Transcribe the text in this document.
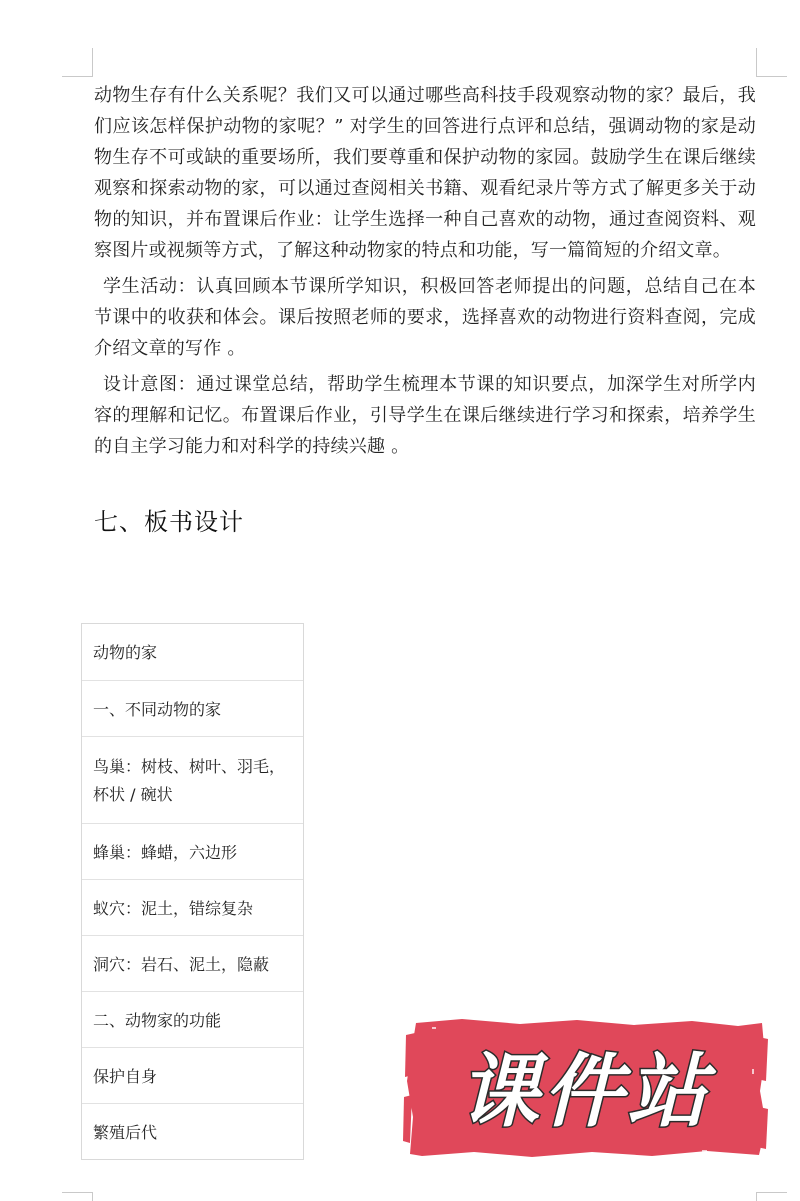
动物生存有什么关系呢？我们又可以通过哪些高科技手段观察动物的家？最后，我们应该怎样保护动物的家呢？” 对学生的回答进行点评和总结，强调动物的家是动物生存不可或缺的重要场所，我们要尊重和保护动物的家园。鼓励学生在课后继续观察和探索动物的家，可以通过查阅相关书籍、观看纪录片等方式了解更多关于动物的知识，并布置课后作业：让学生选择一种自己喜欢的动物，通过查阅资料、观察图片或视频等方式，了解这种动物家的特点和功能，写一篇简短的介绍文章。

学生活动：认真回顾本节课所学知识，积极回答老师提出的问题，总结自己在本节课中的收获和体会。课后按照老师的要求，选择喜欢的动物进行资料查阅，完成介绍文章的写作 。

设计意图：通过课堂总结，帮助学生梳理本节课的知识要点，加深学生对所学内容的理解和记忆。布置课后作业，引导学生在课后继续进行学习和探索，培养学生的自主学习能力和对科学的持续兴趣 。

七、板书设计
动物的家
一、不同动物的家
鸟巢：树枝、树叶、羽毛，
杯状 / 碗状
蜂巢：蜂蜡，六边形
蚁穴：泥土，错综复杂
洞穴：岩石、泥土，隐蔽
二、动物家的功能
保护自身
繁殖后代	课件站
